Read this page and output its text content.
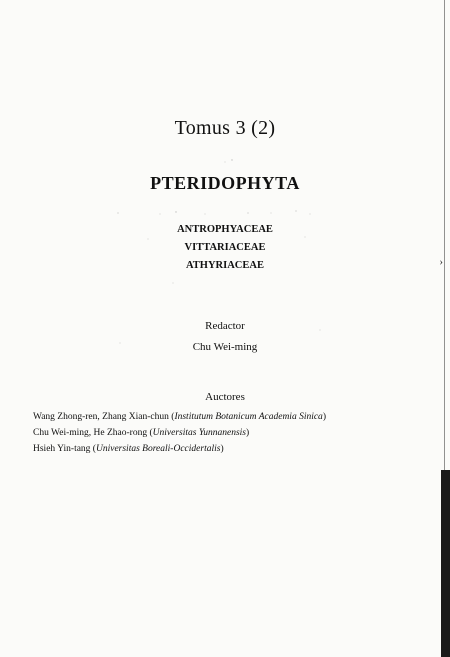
Tomus 3 (2)
PTERIDOPHYTA
ANTROPHYACEAE
VITTARIACEAE
ATHYRIACEAE
Redactor
Chu Wei-ming
Auctores
Wang Zhong-ren, Zhang Xian-chun (Institutum Botanicum Academia Sinica)
Chu Wei-ming, He Zhao-rong (Universitas Yunnanensis)
Hsieh Yin-tang (Universitas Boreali-Occidertalis)
›
